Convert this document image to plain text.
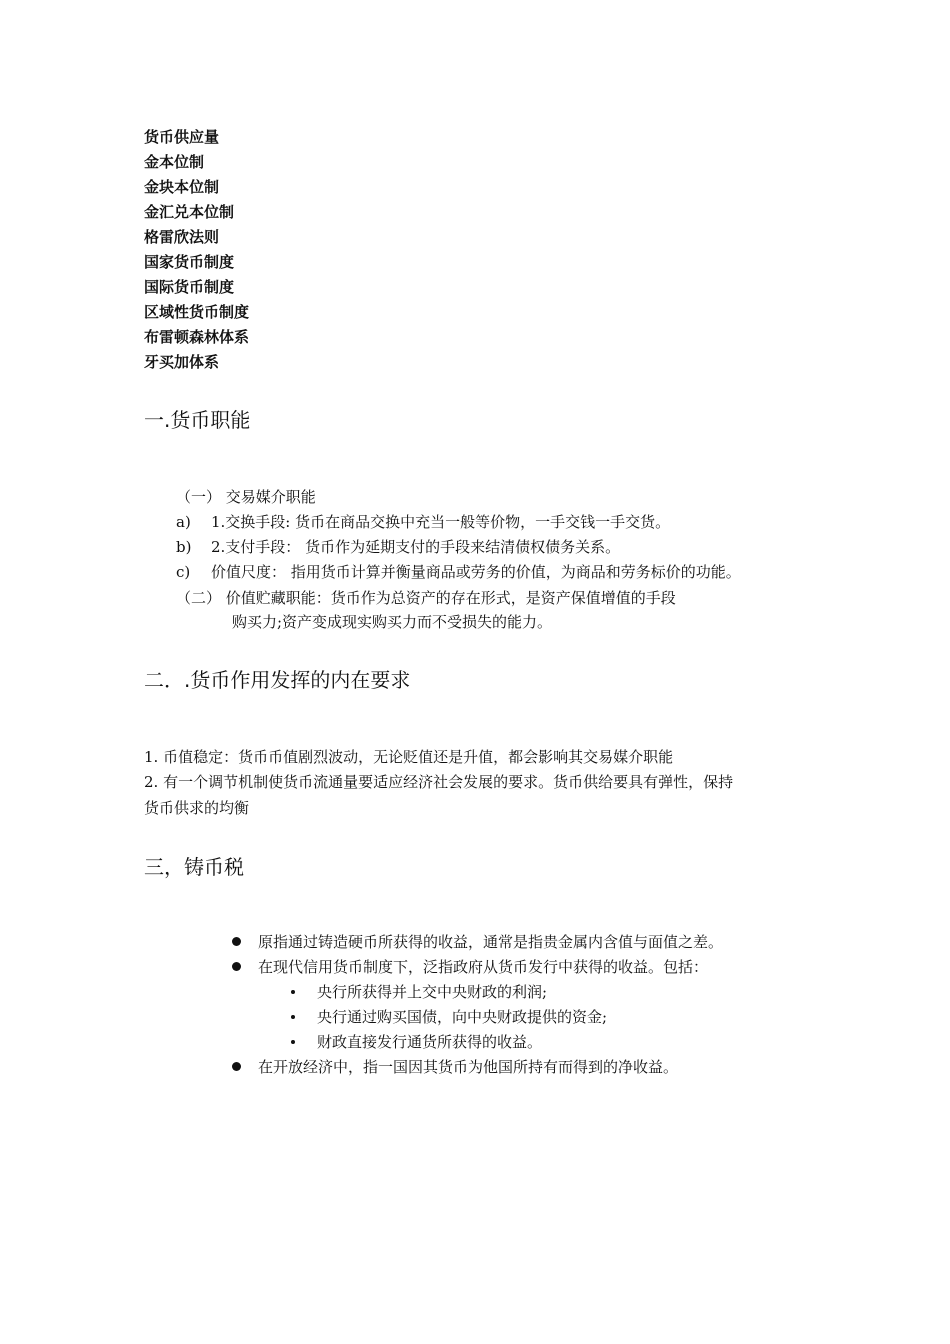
货币供应量
金本位制
金块本位制
金汇兑本位制
格雷欣法则
国家货币制度
国际货币制度
区域性货币制度
布雷顿森林体系
牙买加体系
一.货币职能
（一） 交易媒介职能
a) 1.交换手段: 货币在商品交换中充当一般等价物，一手交钱一手交货。
b) 2.支付手段： 货币作为延期支付的手段来结清债权债务关系。
c) 价值尺度： 指用货币计算并衡量商品或劳务的价值，为商品和劳务标价的功能。
（二） 价值贮藏职能：货币作为总资产的存在形式，是资产保值增值的手段
购买力;资产变成现实购买力而不受损失的能力。
二．.货币作用发挥的内在要求
1. 币值稳定：货币币值剧烈波动，无论贬值还是升值，都会影响其交易媒介职能
2. 有一个调节机制使货币流通量要适应经济社会发展的要求。货币供给要具有弹性，保持
货币供求的均衡
三，铸币税
原指通过铸造硬币所获得的收益，通常是指贵金属内含值与面值之差。
在现代信用货币制度下，泛指政府从货币发行中获得的收益。包括：
央行所获得并上交中央财政的利润;
央行通过购买国债，向中央财政提供的资金;
财政直接发行通货所获得的收益。
在开放经济中，指一国因其货币为他国所持有而得到的净收益。
